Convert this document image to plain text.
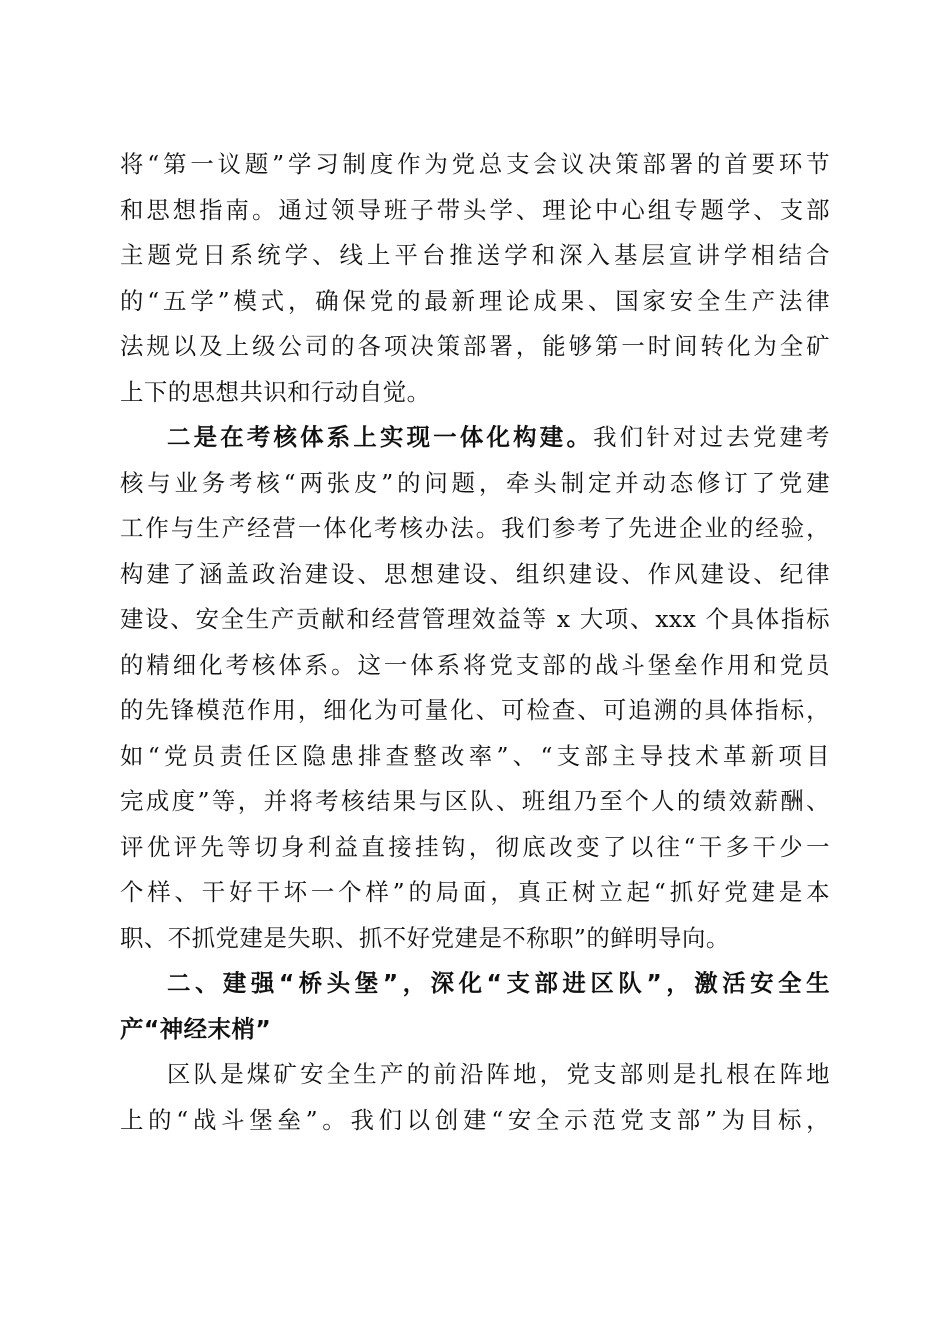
将“第一议题”学习制度作为党总支会议决策部署的首要环节
和思想指南。通过领导班子带头学、理论中心组专题学、支部
主题党日系统学、线上平台推送学和深入基层宣讲学相结合
的“五学”模式，确保党的最新理论成果、国家安全生产法律
法规以及上级公司的各项决策部署，能够第一时间转化为全矿
上下的思想共识和行动自觉。
二是在考核体系上实现一体化构建。我们针对过去党建考
核与业务考核“两张皮”的问题，牵头制定并动态修订了党建
工作与生产经营一体化考核办法。我们参考了先进企业的经验，
构建了涵盖政治建设、思想建设、组织建设、作风建设、纪律
建设、安全生产贡献和经营管理效益等 x 大项、xxx 个具体指标
的精细化考核体系。这一体系将党支部的战斗堡垒作用和党员
的先锋模范作用，细化为可量化、可检查、可追溯的具体指标，
如“党员责任区隐患排查整改率”、“支部主导技术革新项目
完成度”等，并将考核结果与区队、班组乃至个人的绩效薪酬、
评优评先等切身利益直接挂钩，彻底改变了以往“干多干少一
个样、干好干坏一个样”的局面，真正树立起“抓好党建是本
职、不抓党建是失职、抓不好党建是不称职”的鲜明导向。
二、建强“桥头堡”，深化“支部进区队”，激活安全生
产“神经末梢”
区队是煤矿安全生产的前沿阵地，党支部则是扎根在阵地
上的“战斗堡垒”。我们以创建“安全示范党支部”为目标，
